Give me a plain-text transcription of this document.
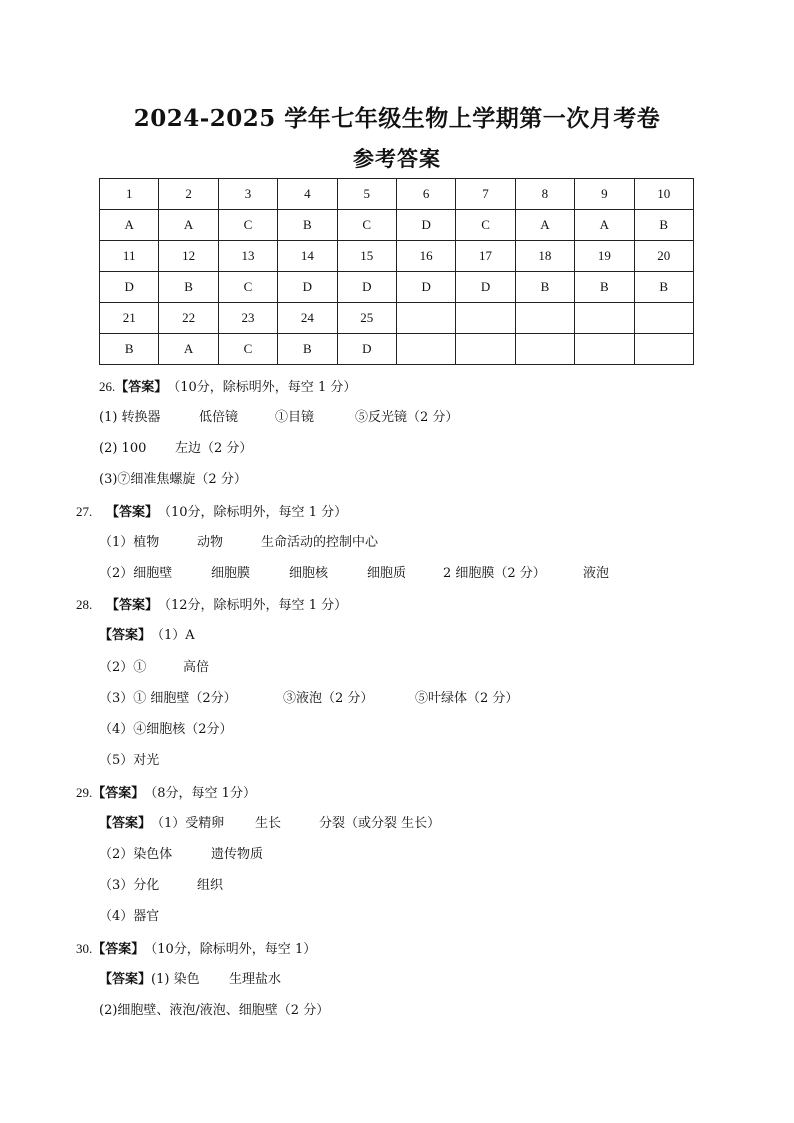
2024-2025 学年七年级生物上学期第一次月考卷
参考答案
1	2	3	4	5	6	7	8	9	10
A	A	C	B	C	D	C	A	A	B
11	12	13	14	15	16	17	18	19	20
D	B	C	D	D	D	D	B	B	B
21	22	23	24	25					
B	A	C	B	D					
26.【答案】（10分，除标明外，每空 1 分）
(1) 转换器	低倍镜	①目镜	⑤反光镜（2 分）
(2) 100 左边（2 分）
(3)⑦细准焦螺旋（2 分）
27. 【答案】（10分，除标明外，每空 1 分）
（1）植物	动物	生命活动的控制中心
（2）细胞壁	细胞膜	细胞核	细胞质	2 细胞膜（2 分）	液泡
28. 【答案】（12分，除标明外，每空 1 分）
【答案】（1）A
（2）①	高倍
（3）① 细胞壁（2分）	③液泡（2 分）	⑤叶绿体（2 分）
（4）④细胞核（2分）
（5）对光
29.【答案】（8分，每空 1分）
【答案】（1）受精卵 生长	分裂（或分裂 生长）
（2）染色体	遗传物质
（3）分化	组织
（4）器官
30.【答案】（10分，除标明外，每空 1）
【答案】(1) 染色 生理盐水
(2)细胞壁、液泡/液泡、细胞壁（2 分）
